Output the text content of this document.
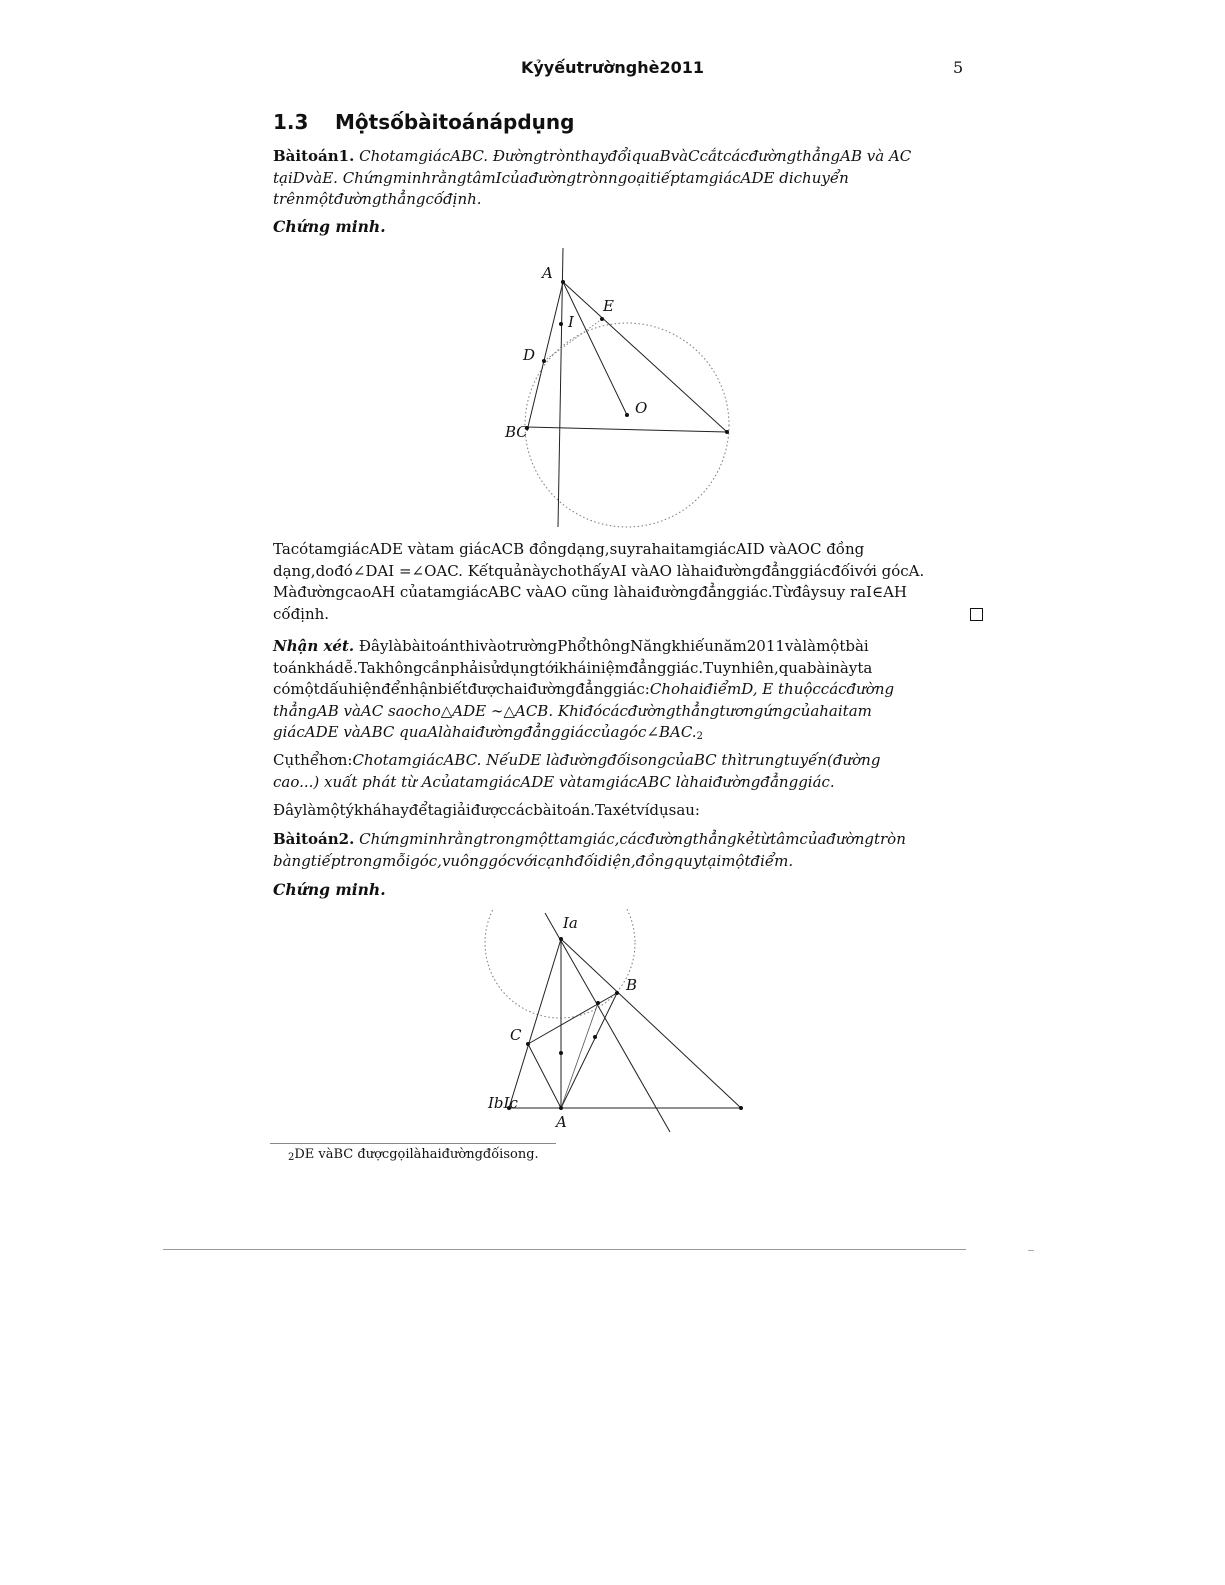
Kỷyếutrườnghè2011	5
1.3 Mộtsốbàitoánápdụng
Bàitoán1. ChotamgiácABC. ĐườngtrònthayđổiquaBvàCcắtcácđườngthẳngAB và AC tạiDvàE. ChứngminhrằngtâmIcủađườngtrònngoạitiếptamgiácADE dichuyển trênmộtđườngthẳngcốđịnh.
Chứng minh.
A
E
I
D
O
BC
TacótamgiácADE vàtam giácACB đồngdạng,suyrahaitamgiácAID vàAOC đồng dạng,dođó∠DAI =∠OAC. KếtquảnàychothấyAI vàAO làhaiđườngđẳnggiácđốivới gócA. MàđườngcaoAH củatamgiácABC vàAO cũng làhaiđườngđẳnggiác.Từđâysuy raI∈AH cốđịnh.
Nhận xét. ĐâylàbàitoánthivàotrườngPhổthôngNăngkhiếunăm2011vàlàmộtbài toánkhádễ.Takhôngcầnphảisửdụngtớikháiniệmđẳnggiác.Tuynhiên,quabàinàyta cómộtdấuhiệnđểnhậnbiếtđượchaiđườngđẳnggiác:ChohaiđiểmD, E thuộccácđường thẳngAB vàAC saocho△ADE ∼△ACB. Khiđócácđườngthẳngtươngứngcủahaitam giácADE vàABC quaAlàhaiđườngđẳnggiáccủagóc∠BAC.2
Cụthểhơn:ChotamgiácABC. NếuDE làđườngđốisongcủaBC thìtrungtuyến(đường cao...) xuất phát từ AcủatamgiácADE vàtamgiácABC làhaiđườngđẳnggiác.
Đâylàmộtýkháhayđểtagiảiđượccácbàitoán.Taxétvídụsau:
Bàitoán2. Chứngminhrằngtrongmộttamgiác,cácđườngthẳngkẻtừtâmcủađườngtròn bàngtiếptrongmỗigóc,vuônggócvớicạnhđốidiện,đồngquytạimộtđiểm.
Chứng minh.
Ia
B
C
IbIc
A
2DE vàBC đượcgọilàhaiđườngđốisong.
